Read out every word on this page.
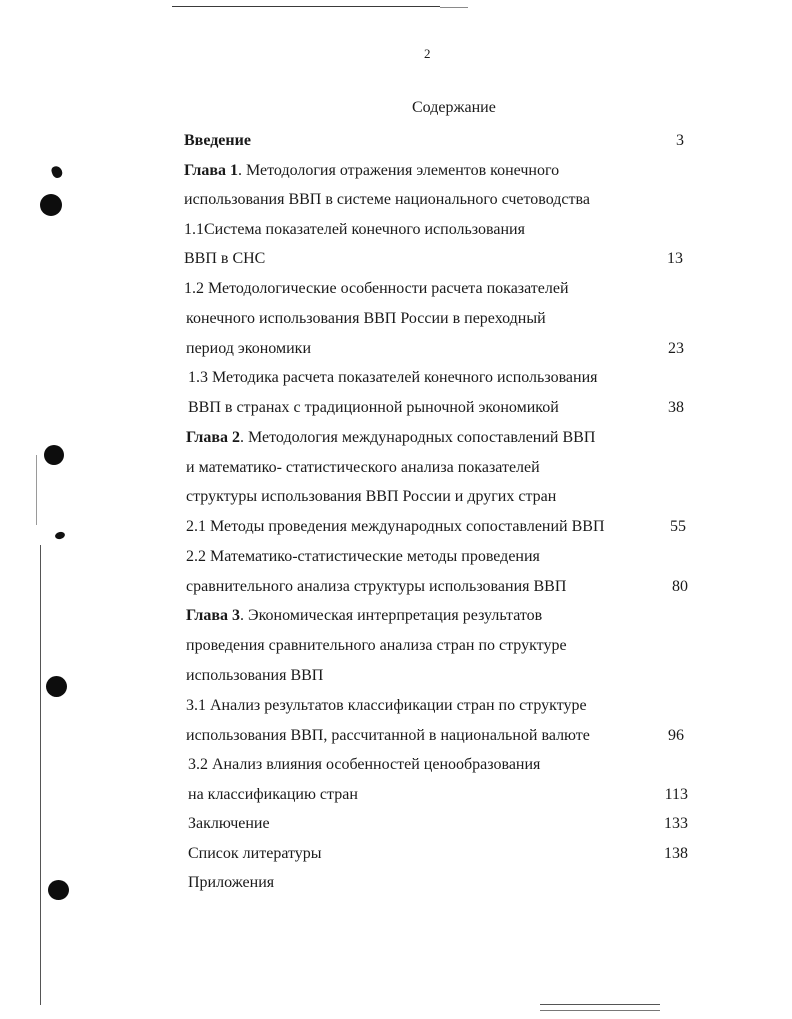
2
Содержание
Введение	3
Глава 1. Методология отражения элементов конечного
использования ВВП в системе национального счетоводства
1.1Система показателей конечного использования
ВВП в СНС	13
1.2 Методологические особенности расчета показателей
конечного использования ВВП России в переходный
период экономики	23
1.3 Методика расчета показателей конечного использования
ВВП в странах с традиционной рыночной экономикой	38
Глава 2. Методология международных сопоставлений ВВП
и математико- статистического анализа показателей
структуры использования ВВП России и других стран
2.1 Методы проведения международных сопоставлений ВВП	55
2.2 Математико-статистические методы проведения
сравнительного анализа структуры использования ВВП	80
Глава 3. Экономическая интерпретация результатов
проведения сравнительного анализа стран по структуре
использования ВВП
3.1 Анализ результатов классификации стран по структуре
использования ВВП, рассчитанной в национальной валюте	96
3.2 Анализ влияния особенностей ценообразования
на классификацию стран	113
Заключение	133
Список литературы	138
Приложения
